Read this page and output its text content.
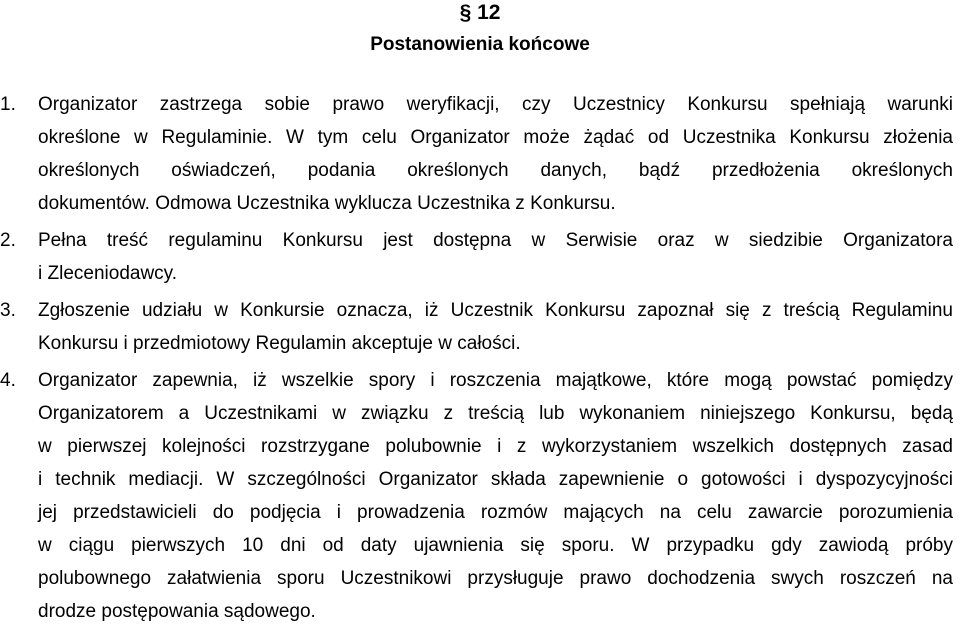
§ 12
Postanowienia końcowe
1. Organizator zastrzega sobie prawo weryfikacji, czy Uczestnicy Konkursu spełniają warunki
określone w Regulaminie. W tym celu Organizator może żądać od Uczestnika Konkursu złożenia
określonych oświadczeń, podania określonych danych, bądź przedłożenia określonych
dokumentów. Odmowa Uczestnika wyklucza Uczestnika z Konkursu.
2. Pełna treść regulaminu Konkursu jest dostępna w Serwisie oraz w siedzibie Organizatora
i Zleceniodawcy.
3. Zgłoszenie udziału w Konkursie oznacza, iż Uczestnik Konkursu zapoznał się z treścią Regulaminu
Konkursu i przedmiotowy Regulamin akceptuje w całości.
4. Organizator zapewnia, iż wszelkie spory i roszczenia majątkowe, które mogą powstać pomiędzy
Organizatorem a Uczestnikami w związku z treścią lub wykonaniem niniejszego Konkursu, będą
w pierwszej kolejności rozstrzygane polubownie i z wykorzystaniem wszelkich dostępnych zasad
i technik mediacji. W szczególności Organizator składa zapewnienie o gotowości i dyspozycyjności
jej przedstawicieli do podjęcia i prowadzenia rozmów mających na celu zawarcie porozumienia
w ciągu pierwszych 10 dni od daty ujawnienia się sporu. W przypadku gdy zawiodą próby
polubownego załatwienia sporu Uczestnikowi przysługuje prawo dochodzenia swych roszczeń na
drodze postępowania sądowego.
